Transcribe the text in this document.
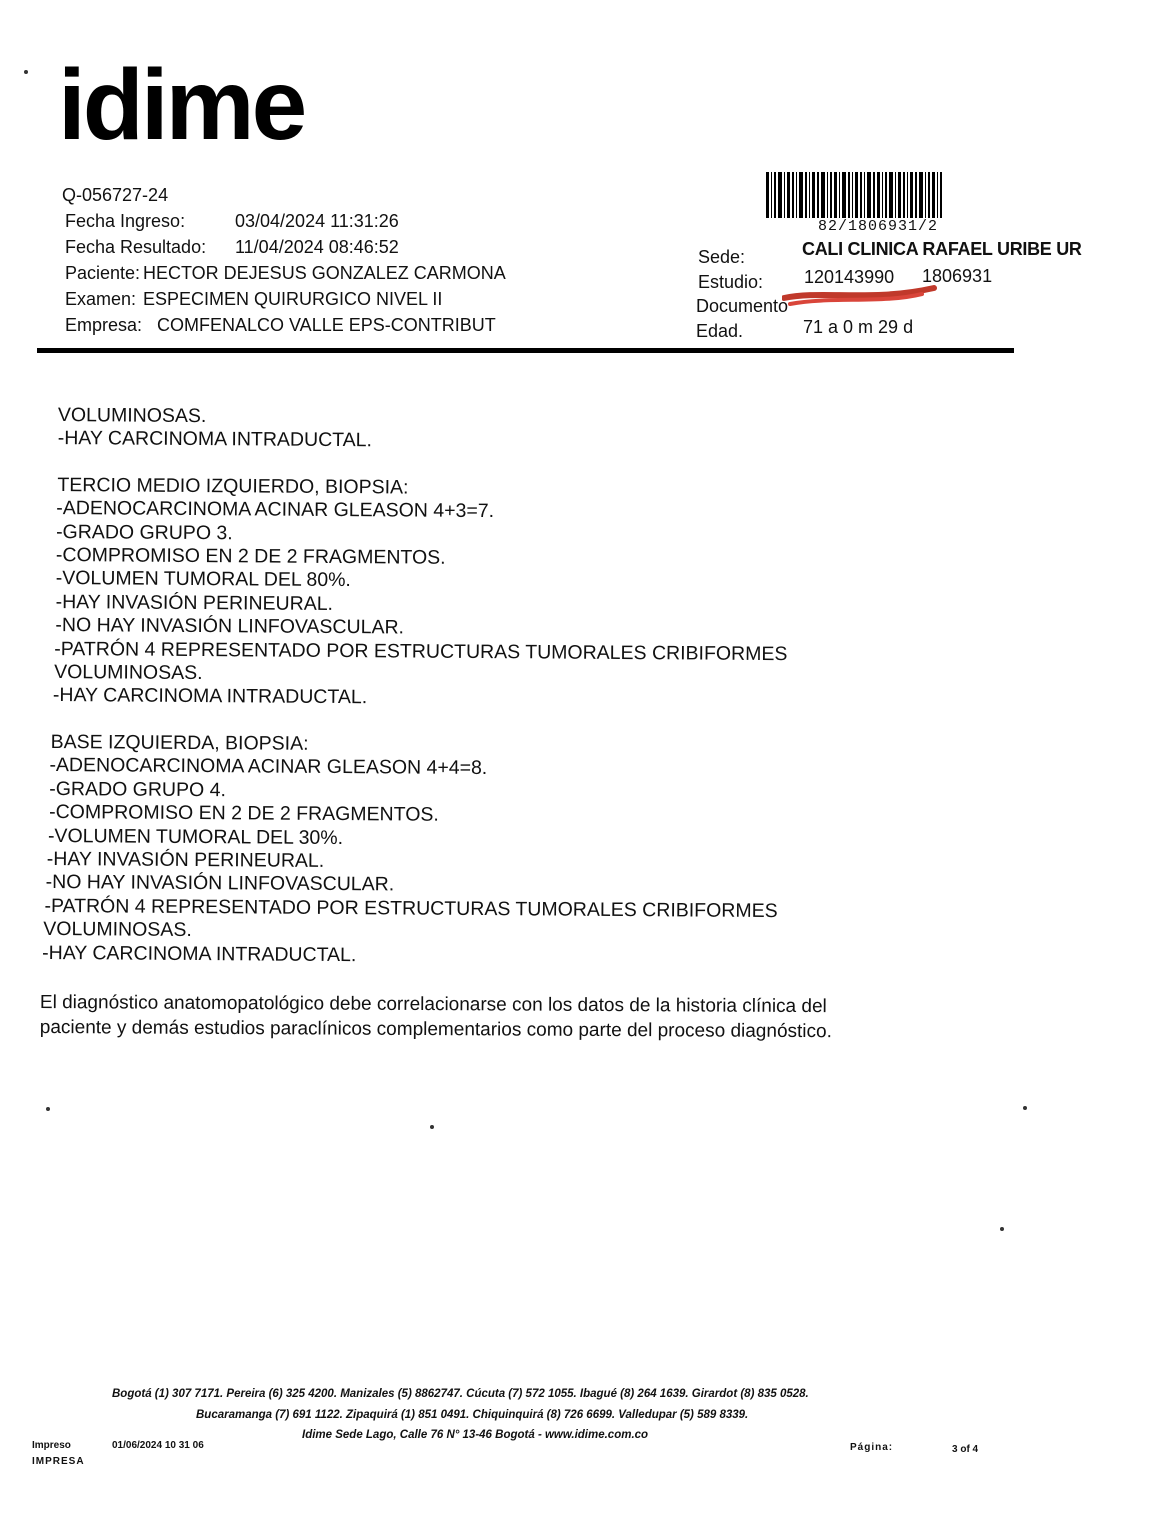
idime
Q-056727-24
Fecha Ingreso:	03/04/2024 11:31:26
Fecha Resultado: 11/04/2024 08:46:52
Paciente: HECTOR DEJESUS GONZALEZ CARMONA
Examen: ESPECIMEN QUIRURGICO NIVEL II
Empresa: COMFENALCO VALLE EPS-CONTRIBUT
82/1806931/2
Sede:	CALI CLINICA RAFAEL URIBE UR
Estudio: 120143990 1806931
Documento
Edad.	71 a 0 m 29 d
VOLUMINOSAS.
-HAY CARCINOMA INTRADUCTAL.
TERCIO MEDIO IZQUIERDO, BIOPSIA:
-ADENOCARCINOMA ACINAR GLEASON 4+3=7.
-GRADO GRUPO 3.
-COMPROMISO EN 2 DE 2 FRAGMENTOS.
-VOLUMEN TUMORAL DEL 80%.
-HAY INVASIÓN PERINEURAL.
-NO HAY INVASIÓN LINFOVASCULAR.
-PATRÓN 4 REPRESENTADO POR ESTRUCTURAS TUMORALES CRIBIFORMES
VOLUMINOSAS.
-HAY CARCINOMA INTRADUCTAL.
BASE IZQUIERDA, BIOPSIA:
-ADENOCARCINOMA ACINAR GLEASON 4+4=8.
-GRADO GRUPO 4.
-COMPROMISO EN 2 DE 2 FRAGMENTOS.
-VOLUMEN TUMORAL DEL 30%.
-HAY INVASIÓN PERINEURAL.
-NO HAY INVASIÓN LINFOVASCULAR.
-PATRÓN 4 REPRESENTADO POR ESTRUCTURAS TUMORALES CRIBIFORMES
VOLUMINOSAS.
-HAY CARCINOMA INTRADUCTAL.
El diagnóstico anatomopatológico debe correlacionarse con los datos de la historia clínica del
paciente y demás estudios paraclínicos complementarios como parte del proceso diagnóstico.
Bogotá (1) 307 7171. Pereira (6) 325 4200. Manizales (5) 8862747. Cúcuta (7) 572 1055. Ibagué (8) 264 1639. Girardot (8) 835 0528.
Bucaramanga (7) 691 1122. Zipaquirá (1) 851 0491. Chiquinquirá (8) 726 6699. Valledupar (5) 589 8339.
Idime Sede Lago, Calle 76 N° 13-46 Bogotá - www.idime.com.co
Impreso
IMPRESA
01/06/2024 10 31 06	Página:	3 of 4
